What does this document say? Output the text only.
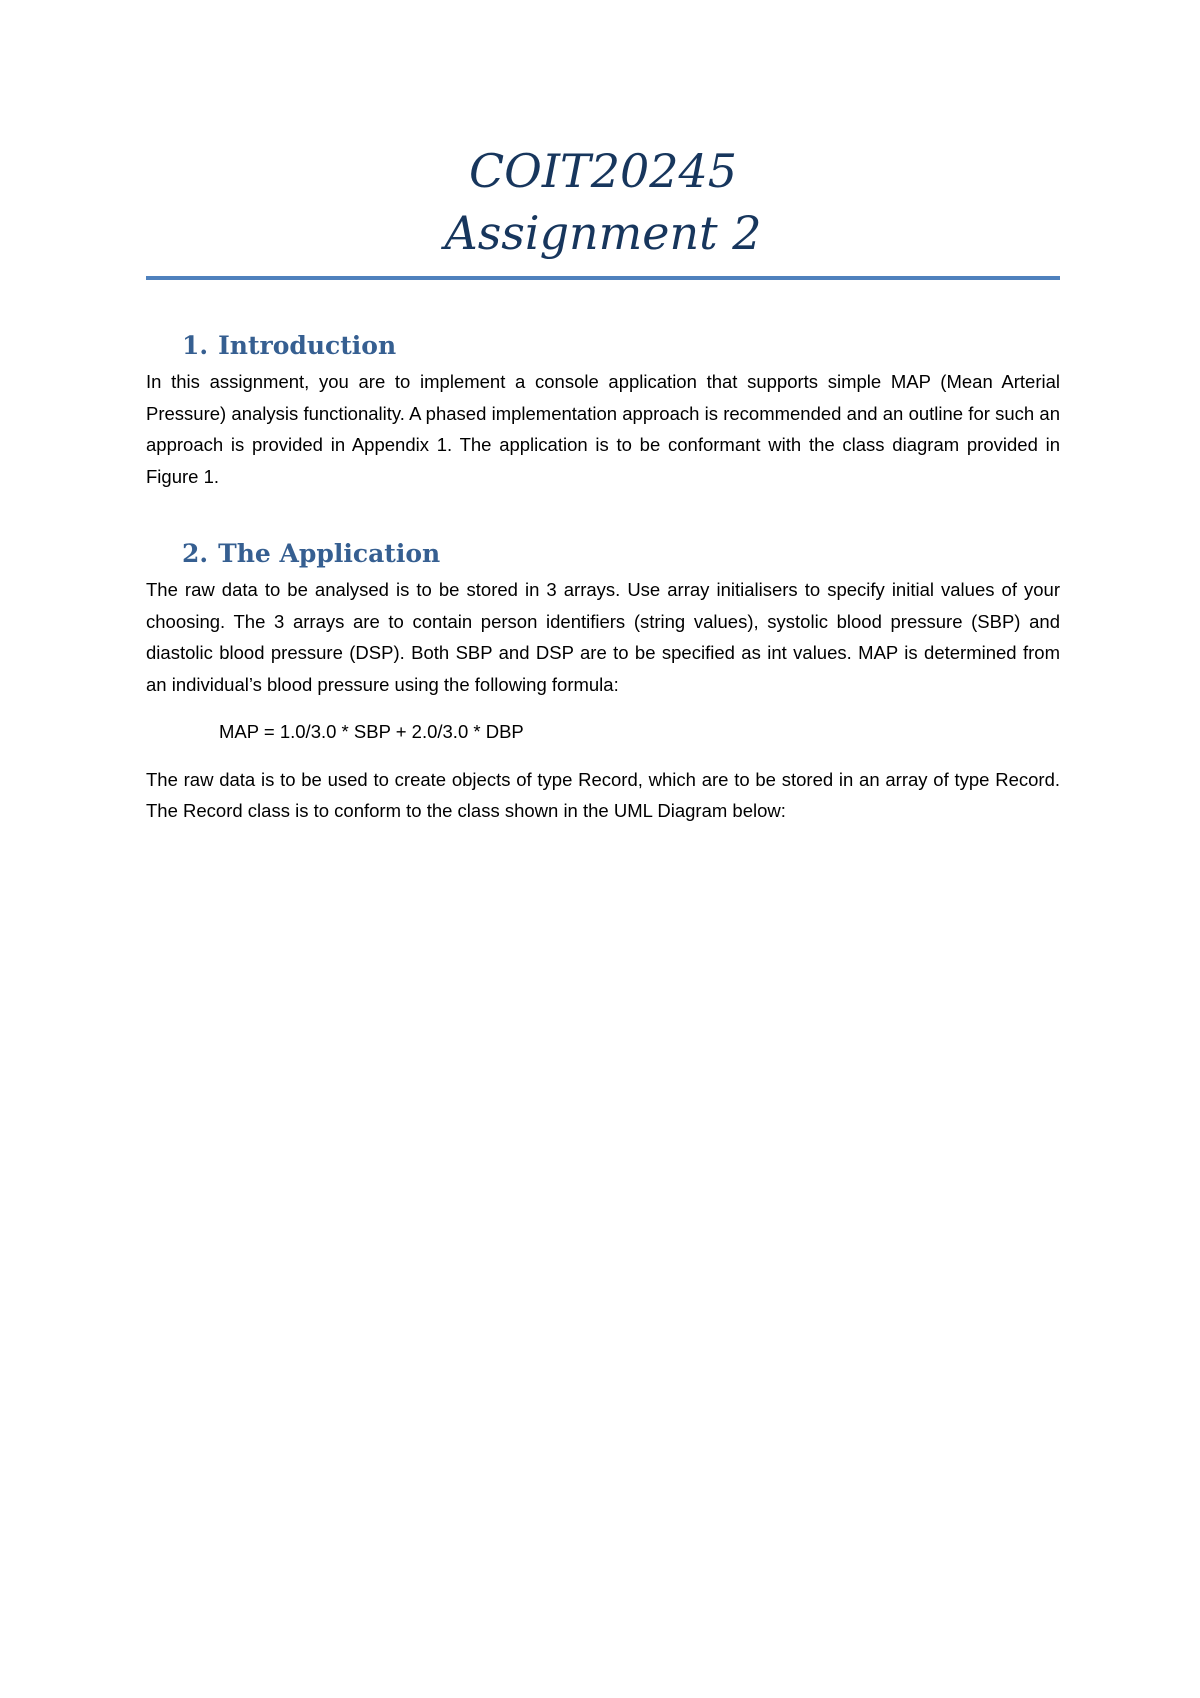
COIT20245
Assignment 2
1. Introduction

In this assignment, you are to implement a console application that supports simple MAP (Mean Arterial Pressure) analysis functionality. A phased implementation approach is recommended and an outline for such an approach is provided in Appendix 1. The application is to be conformant with the class diagram provided in Figure 1.

2. The Application

The raw data to be analysed is to be stored in 3 arrays. Use array initialisers to specify initial values of your choosing. The 3 arrays are to contain person identifiers (string values), systolic blood pressure (SBP) and diastolic blood pressure (DSP). Both SBP and DSP are to be specified as int values. MAP is determined from an individual’s blood pressure using the following formula:

MAP = 1.0/3.0 * SBP + 2.0/3.0 * DBP

The raw data is to be used to create objects of type Record, which are to be stored in an array of type Record. The Record class is to conform to the class shown in the UML Diagram below:
